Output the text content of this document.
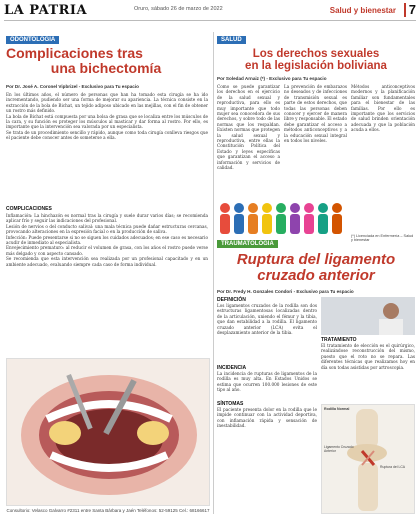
LA PATRIA	Oruro, sábado 26 de marzo de 2022	Salud y bienestar 7
ODONTOLOGIA
Complicaciones tras
una bichectomía
Por Dr. José A. Coronel Vipbrizel - Exclusivo para Tu espacio

En los últimos años, el número de personas que han ha tomado esta cirugía se ha ido incrementando, pudiendo ser una forma de mejorar su apariencia. La técnica consiste en la extracción de la bola de Bichat, un tejido adiposo ubicado en las mejillas, con el fin de obtener un rostro más definido.

La bola de Bichat está compuesta por una bolsa de grasa que se localiza entre los músculos de la cara, y su función es proteger los músculos al masticar y dar forma al rostro. Por ello, es importante que la intervención sea valorada por un especialista.

Se trata de un procedimiento sencillo y rápido, aunque como toda cirugía conlleva riesgos que el paciente debe conocer antes de someterse a ella.

COMPLICACIONES

Inflamación: La hinchazón es normal tras la cirugía y suele durar varios días; se recomienda aplicar frío y seguir las indicaciones del profesional.

Lesión de nervios o del conducto salival: una mala técnica puede dañar estructuras cercanas, provocando alteraciones en la expresión facial o en la producción de saliva.

Infección: Puede presentarse si no se siguen los cuidados adecuados; en ese caso es necesario acudir de inmediato al especialista.

Envejecimiento prematuro: al reducir el volumen de grasa, con los años el rostro puede verse más delgado y con aspecto cansado.

Se recomienda que esta intervención sea realizada por un profesional capacitado y en un ambiente adecuado, evaluando siempre cada caso de forma individual.

Consultorio: Velasco Galvarro #2311 entre Santa Bárbara y Jaén Teléfonos: 52-59125 Cel.: 68166617
SALUD
Los derechos sexuales
en la legislación boliviana
Por Soledad Arnaiz (*) - Exclusivo para Tu espacio
Como se puede garantizar los derechos en el ejercicio de la salud sexual y reproductiva, para ello es muy importante que todo mujer sea conocedora de sus derechos, y sobre todo de las normas que los respaldan. Existen normas que protegen la salud sexual y reproductiva, entre ellas la Constitución Política del Estado y leyes específicas que garantizan el acceso a información y servicios de calidad.
La prevención de embarazos no deseados y de infecciones de transmisión sexual es parte de estos derechos, que todas las personas deben conocer y ejercer de manera libre y responsable. El estado debe garantizar el acceso a métodos anticonceptivos y a la educación sexual integral en todos los niveles.
Métodos anticonceptivos modernos y la planificación familiar son fundamentales para el bienestar de las familias. Por ello es importante que los servicios de salud brinden orientación adecuada y que la población acuda a ellos.
(*) Licenciada en Enfermería – Salud y bienestar
TRAUMATOLOGIA
Ruptura del ligamento
cruzado anterior
Por Dr. Fredy H. Gonzales Condori - Exclusivo para Tu espacio
DEFINICIÓN
Los ligamentos cruzados de la rodilla son dos estructuras ligamentosas localizadas dentro de la articulación, uniendo el fémur y la tibia, que dan estabilidad a la rodilla. El ligamento cruzado anterior (LCA) evita el desplazamiento anterior de la tibia.
INCIDENCIA
La incidencia de rupturas de ligamentos de la rodilla es muy alta. En Estados Unidos se estima que ocurren 100.000 lesiones de este tipo al año.
SÍNTOMAS
El paciente presenta dolor en la rodilla que le impide continuar con la actividad deportiva, con inflamación rápida y sensación de inestabilidad.
TRATAMIENTO
El tratamiento de elección es el quirúrgico, realizándose reconstrucción del mismo, puesto que el roto no se repara. Las diferentes técnicas que realizamos hoy en día son todas asistidas por artroscopia.
Rodilla Normal
Ligamento Cruzado Anterior
Ruptura del LCA
